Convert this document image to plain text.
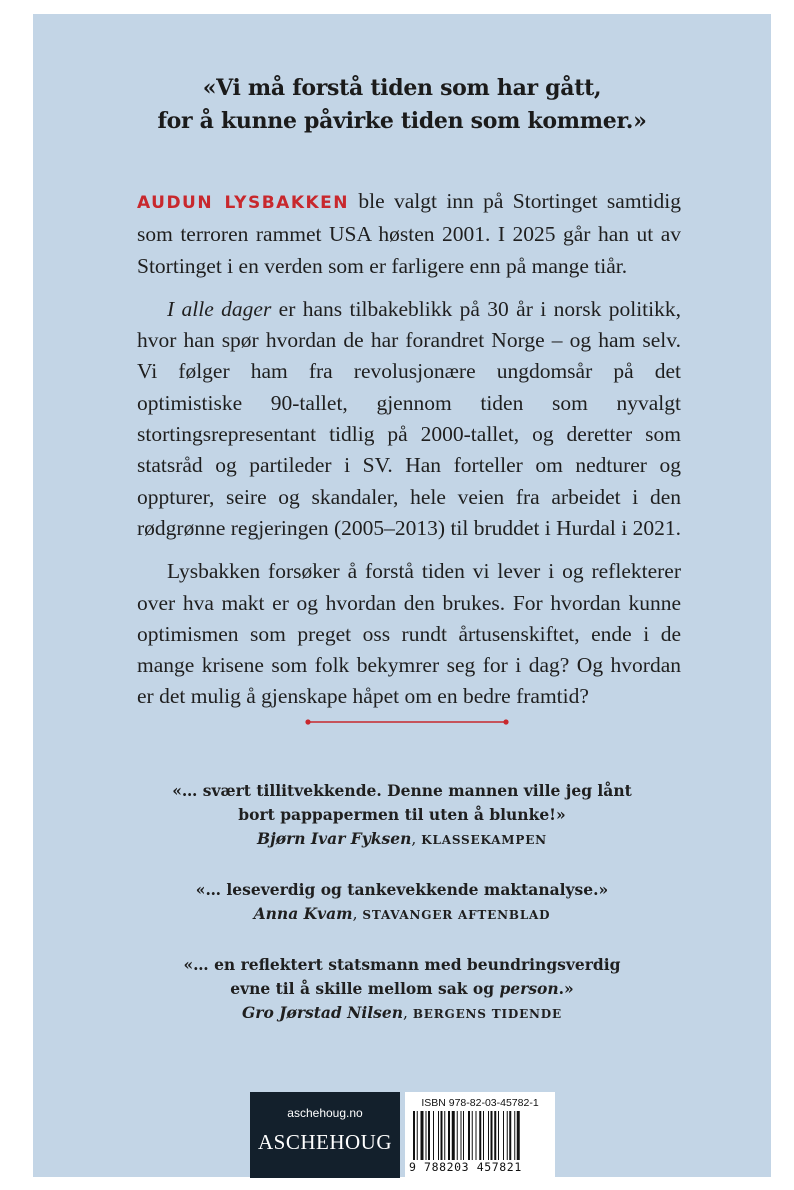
«Vi må forstå tiden som har gått,
for å kunne påvirke tiden som kommer.»

AUDUN LYSBAKKEN ble valgt inn på Stortinget samtidig som terroren rammet USA høsten 2001. I 2025 går han ut av Stortinget i en verden som er farligere enn på mange tiår.

I alle dager er hans tilbakeblikk på 30 år i norsk politikk, hvor han spør hvordan de har forandret Norge – og ham selv. Vi følger ham fra revolusjonære ungdomsår på det optimistiske 90-tallet, gjennom tiden som nyvalgt stortingsrepresentant tidlig på 2000-tallet, og deretter som statsråd og partileder i SV. Han forteller om nedturer og oppturer, seire og skandaler, hele veien fra arbeidet i den rødgrønne regjeringen (2005–2013) til bruddet i Hurdal i 2021.

Lysbakken forsøker å forstå tiden vi lever i og reflekterer over hva makt er og hvordan den brukes. For hvordan kunne optimismen som preget oss rundt årtusenskiftet, ende i de mange krisene som folk bekymrer seg for i dag? Og hvordan er det mulig å gjenskape håpet om en bedre framtid?

«… svært tillitvekkende. Denne mannen ville jeg lånt
bort pappapermen til uten å blunke!»
Bjørn Ivar Fyksen, KLASSEKAMPEN
«… leseverdig og tankevekkende maktanalyse.»
Anna Kvam, STAVANGER AFTENBLAD
«… en reflektert statsmann med beundringsverdig
evne til å skille mellom sak og person.»
Gro Jørstad Nilsen, BERGENS TIDENDE
aschehoug.no
ASCHEHOUG
ISBN 978-82-03-45782-1
9 788203 457821
